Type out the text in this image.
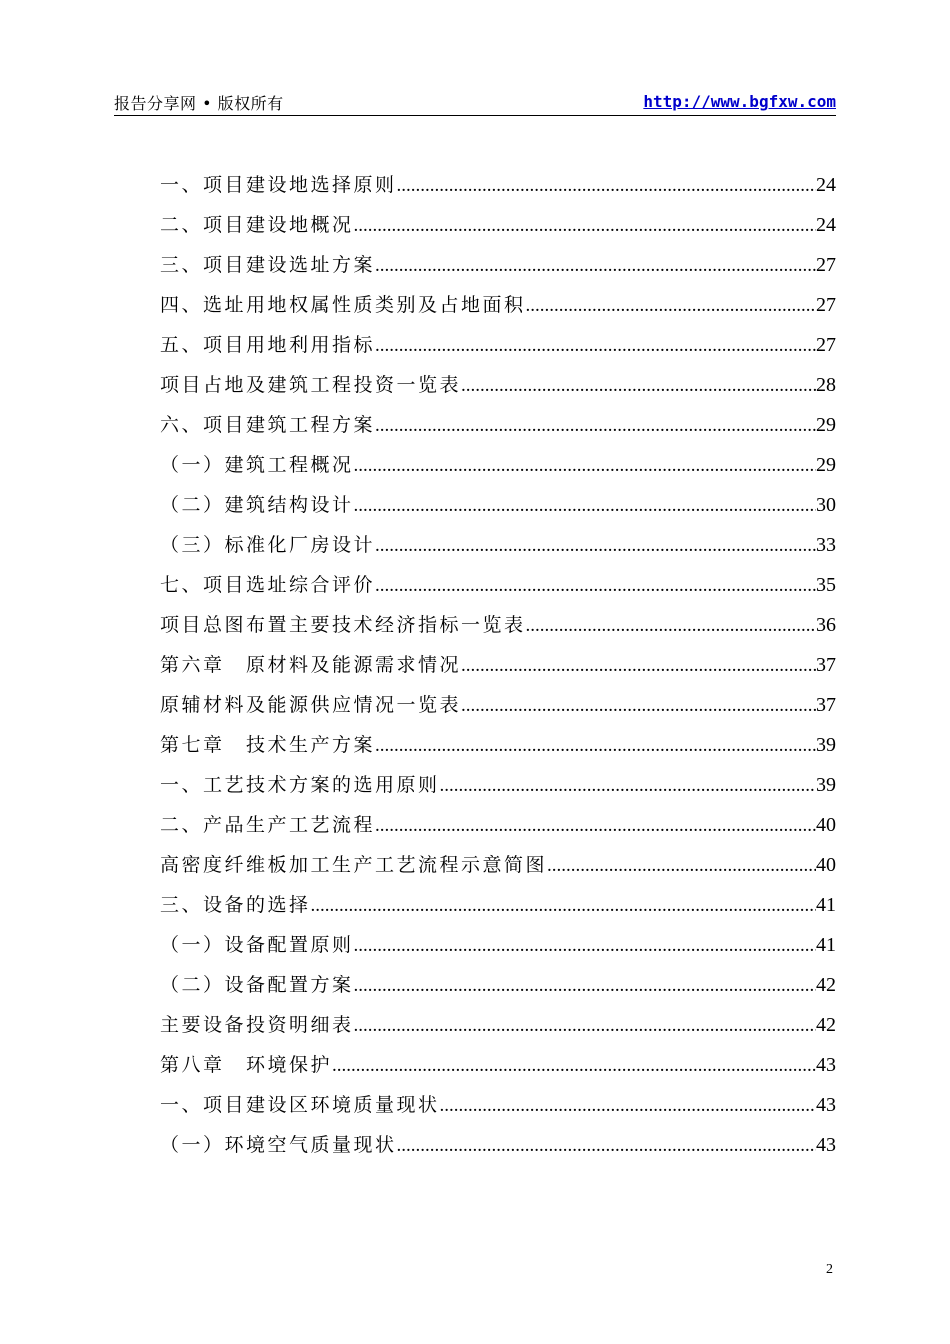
报告分享网 • 版权所有	http://www.bgfxw.com
一、项目建设地选择原则 .....	24
二、项目建设地概况 .....	24
三、项目建设选址方案 .....	27
四、选址用地权属性质类别及占地面积 .....	27
五、项目用地利用指标 .....	27
项目占地及建筑工程投资一览表 .....	28
六、项目建筑工程方案 .....	29
（一）建筑工程概况 .....	29
（二）建筑结构设计 .....	30
（三）标准化厂房设计 .....	33
七、项目选址综合评价 .....	35
项目总图布置主要技术经济指标一览表 .....	36
第六章　原材料及能源需求情况 .....	37
原辅材料及能源供应情况一览表 .....	37
第七章　技术生产方案 .....	39
一、工艺技术方案的选用原则 .....	39
二、产品生产工艺流程 .....	40
高密度纤维板加工生产工艺流程示意简图 .....	40
三、设备的选择 .....	41
（一）设备配置原则 .....	41
（二）设备配置方案 .....	42
主要设备投资明细表 .....	42
第八章　环境保护 .....	43
一、项目建设区环境质量现状 .....	43
（一）环境空气质量现状 .....	43
2
